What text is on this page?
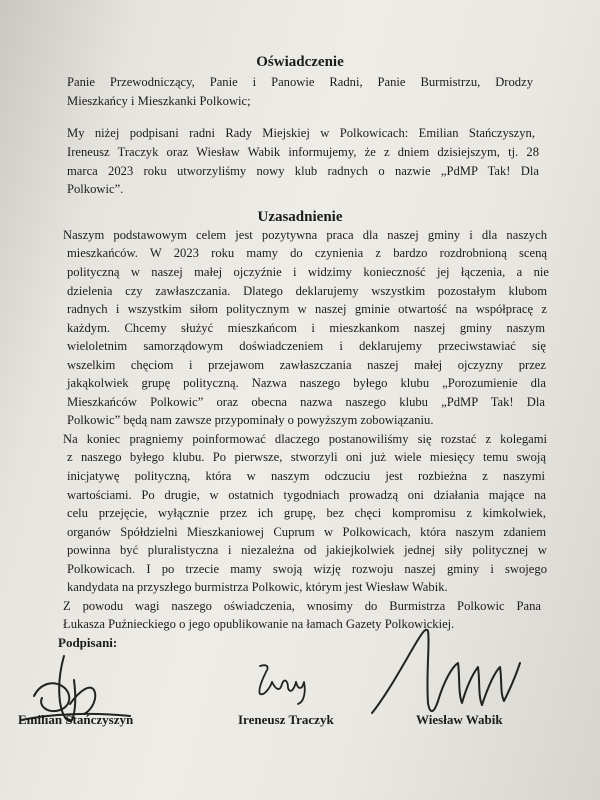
Oświadczenie

Panie Przewodniczący, Panie i Panowie Radni, Panie Burmistrzu, Drodzy

Mieszkańcy i Mieszkanki Polkowic;

My niżej podpisani radni Rady Miejskiej w Polkowicach: Emilian Stańczyszyn,

Ireneusz Traczyk oraz Wiesław Wabik informujemy, że z dniem dzisiejszym, tj. 28

marca 2023 roku utworzyliśmy nowy klub radnych o nazwie „PdMP Tak! Dla

Polkowic”.

Uzasadnienie

Naszym podstawowym celem jest pozytywna praca dla naszej gminy i dla naszych

mieszkańców. W 2023 roku mamy do czynienia z bardzo rozdrobnioną sceną

polityczną w naszej małej ojczyźnie i widzimy konieczność jej łączenia, a nie

dzielenia czy zawłaszczania. Dlatego deklarujemy wszystkim pozostałym klubom

radnych i wszystkim siłom politycznym w naszej gminie otwartość na współpracę z

każdym. Chcemy służyć mieszkańcom i mieszkankom naszej gminy naszym

wieloletnim samorządowym doświadczeniem i deklarujemy przeciwstawiać się

wszelkim chęciom i przejawom zawłaszczania naszej małej ojczyzny przez

jakąkolwiek grupę polityczną. Nazwa naszego byłego klubu „Porozumienie dla

Mieszkańców Polkowic” oraz obecna nazwa naszego klubu „PdMP Tak! Dla

Polkowic” będą nam zawsze przypominały o powyższym zobowiązaniu.

Na koniec pragniemy poinformować dlaczego postanowiliśmy się rozstać z kolegami

z naszego byłego klubu. Po pierwsze, stworzyli oni już wiele miesięcy temu swoją

inicjatywę polityczną, która w naszym odczuciu jest rozbieżna z naszymi

wartościami. Po drugie, w ostatnich tygodniach prowadzą oni działania mające na

celu przejęcie, wyłącznie przez ich grupę, bez chęci kompromisu z kimkolwiek,

organów Spółdzielni Mieszkaniowej Cuprum w Polkowicach, która naszym zdaniem

powinna być pluralistyczna i niezależna od jakiejkolwiek jednej siły politycznej w

Polkowicach. I po trzecie mamy swoją wizję rozwoju naszej gminy i swojego

kandydata na przyszłego burmistrza Polkowic, którym jest Wiesław Wabik.

Z powodu wagi naszego oświadczenia, wnosimy do Burmistrza Polkowic Pana

Łukasza Puźnieckiego o jego opublikowanie na łamach Gazety Polkowickiej.

Podpisani:

Emilian Stańczyszyn	Ireneusz Traczyk	Wiesław Wabik
